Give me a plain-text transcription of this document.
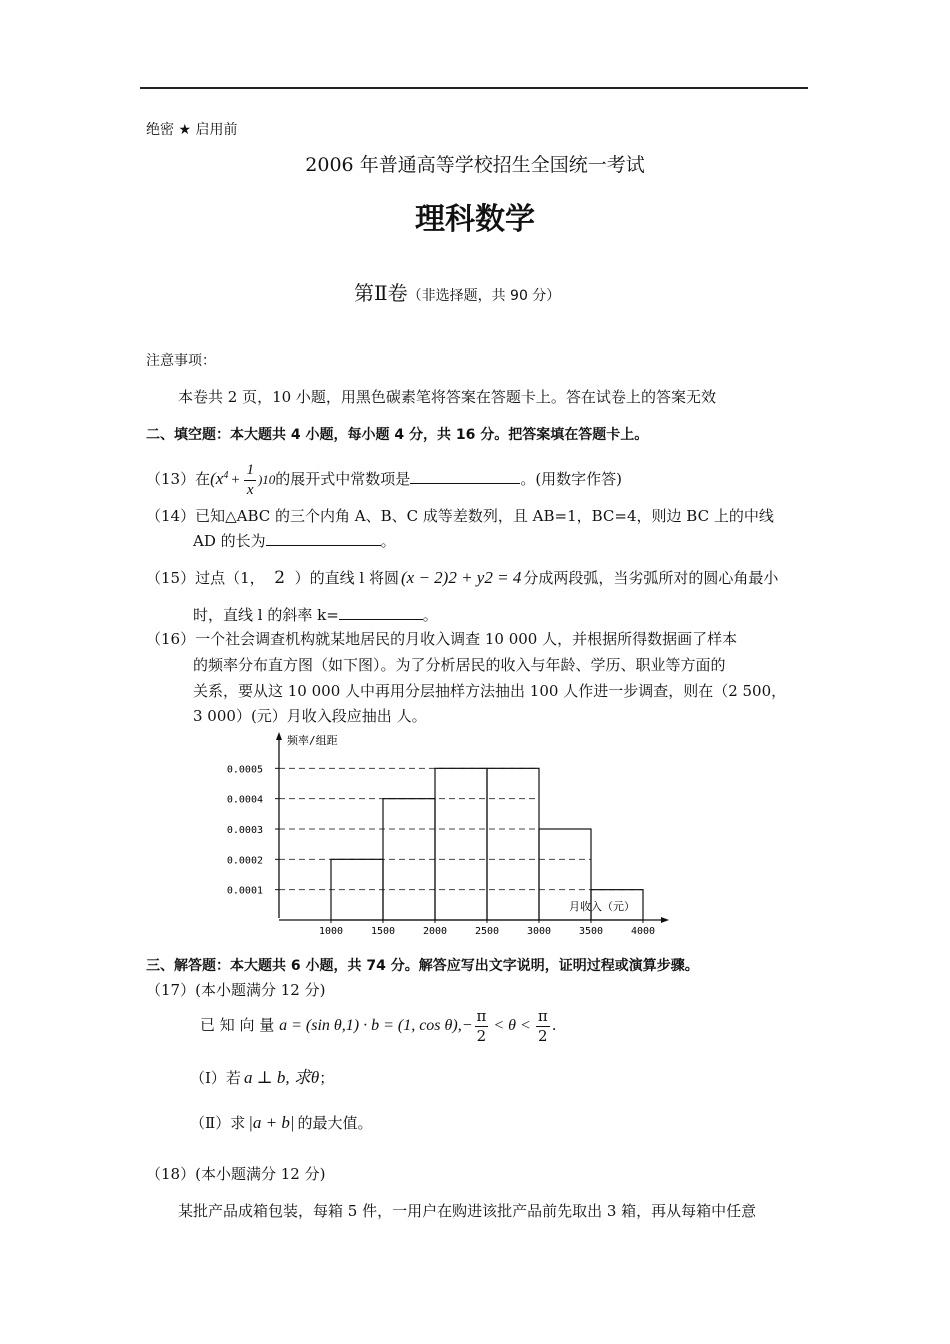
绝密 ★ 启用前
2006 年普通高等学校招生全国统一考试
理科数学
第Ⅱ卷（非选择题，共 90 分）
注意事项：
本卷共 2 页，10 小题，用黑色碳素笔将答案在答题卡上。答在试卷上的答案无效
二、填空题：本大题共 4 小题，每小题 4 分，共 16 分。把答案填在答题卡上。
（13）在$(x^4 + \frac{1}{x} )10$的展开式中常数项是	。(用数字作答)
（14）已知△ABC 的三个内角 A、B、C 成等差数列，且 AB=1，BC=4，则边 BC 上的中线
AD 的长为	。
（15）过点（1， 2 ）的直线 l 将圆 (x − 2)2 + y2 = 4 分成两段弧，当劣弧所对的圆心角最小
时，直线 l 的斜率 k=	。
（16）一个社会调查机构就某地居民的月收入调查 10 000 人，并根据所得数据画了样本
的频率分布直方图（如下图）。为了分析居民的收入与年龄、学历、职业等方面的
关系，要从这 10 000 人中再用分层抽样方法抽出 100 人作进一步调查，则在（2 500，
3 000）(元）月收入段应抽出 人。
频率/组距
月收入（元）
0.0001
0.0002
0.0003
0.0004
0.0005
1000	1500	2000	2500	3000	3500	4000
三、解答题：本大题共 6 小题，共 74 分。解答应写出文字说明，证明过程或演算步骤。
（17）(本小题满分 12 分)
已 知 向 量 a = (sin θ,1) · b = (1, $\cos \theta),- \frac{\pi}{2} < \theta < \frac{\pi}{2}$ .
（Ⅰ）若 a ⊥ b, 求θ；
（Ⅱ）求 |a + b| 的最大值。
（18）(本小题满分 12 分)
某批产品成箱包装，每箱 5 件，一用户在购进该批产品前先取出 3 箱，再从每箱中任意
